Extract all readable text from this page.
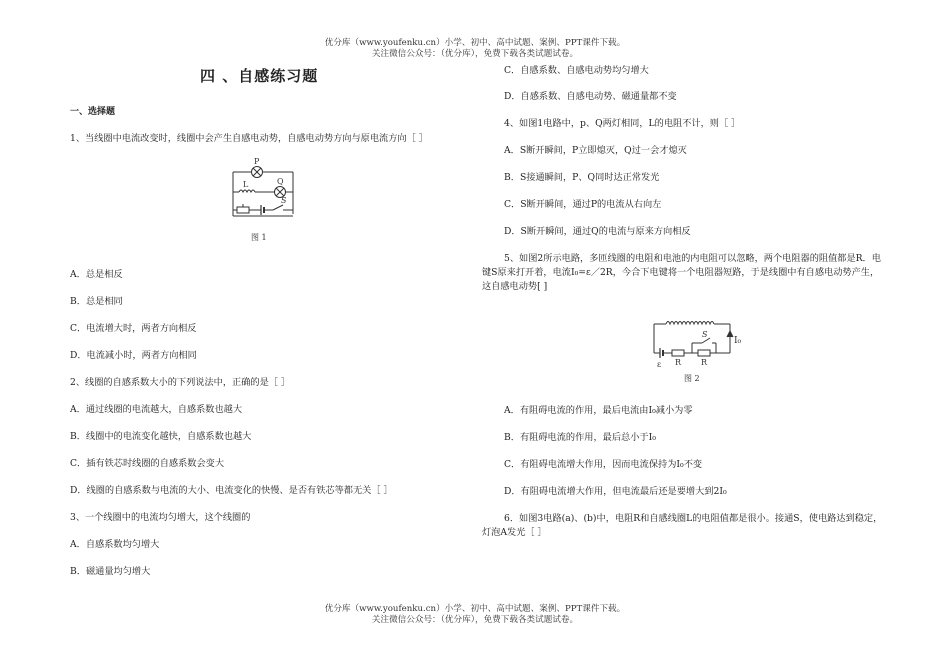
优分库（www.youfenku.cn）小学、初中、高中试题、案例、PPT课件下载。
关注微信公众号：（优分库），免费下载各类试题试卷。
四 、自感练习题
一、选择题
1、当线圈中电流改变时，线圈中会产生自感电动势，自感电动势方向与原电流方向［ ］
P
L	Q
S
图 1
A．总是相反
B．总是相同
C．电流增大时，两者方向相反
D．电流减小时，两者方向相同
2、线圈的自感系数大小的下列说法中，正确的是［ ］
A．通过线圈的电流越大，自感系数也越大
B．线圈中的电流变化越快，自感系数也越大
C．插有铁芯时线圈的自感系数会变大
D．线圈的自感系数与电流的大小、电流变化的快慢、是否有铁芯等都无关［ ］
3、一个线圈中的电流均匀增大，这个线圈的
A．自感系数均匀增大
B．磁通量均匀增大
C．自感系数、自感电动势均匀增大
D．自感系数、自感电动势、磁通量都不变
4、如图1电路中，p、Q两灯相同，L的电阻不计，则［ ］
A．S断开瞬间，P立即熄灭，Q过一会才熄灭
B．S接通瞬间，P、Q同时达正常发光
C．S断开瞬间，通过P的电流从右向左
D．S断开瞬间，通过Q的电流与原来方向相反
5、如图2所示电路，多匝线圈的电阻和电池的内电阻可以忽略，两个电阻器的阻值都是R．电
键S原来打开着，电流I₀=ε／2R，今合下电键将一个电阻器短路，于是线圈中有自感电动势产生，
这自感电动势[ ]
S
I₀
ε R R
图 2
A．有阻碍电流的作用，最后电流由I₀减小为零
B．有阻碍电流的作用，最后总小于I₀
C．有阻碍电流增大作用，因而电流保持为I₀不变
D．有阻碍电流增大作用，但电流最后还是要增大到2I₀
6．如图3电路(a)、(b)中，电阻R和自感线圈L的电阻值都是很小。接通S，使电路达到稳定，
灯泡A发光［ ］
优分库（www.youfenku.cn）小学、初中、高中试题、案例、PPT课件下载。
关注微信公众号：（优分库），免费下载各类试题试卷。
